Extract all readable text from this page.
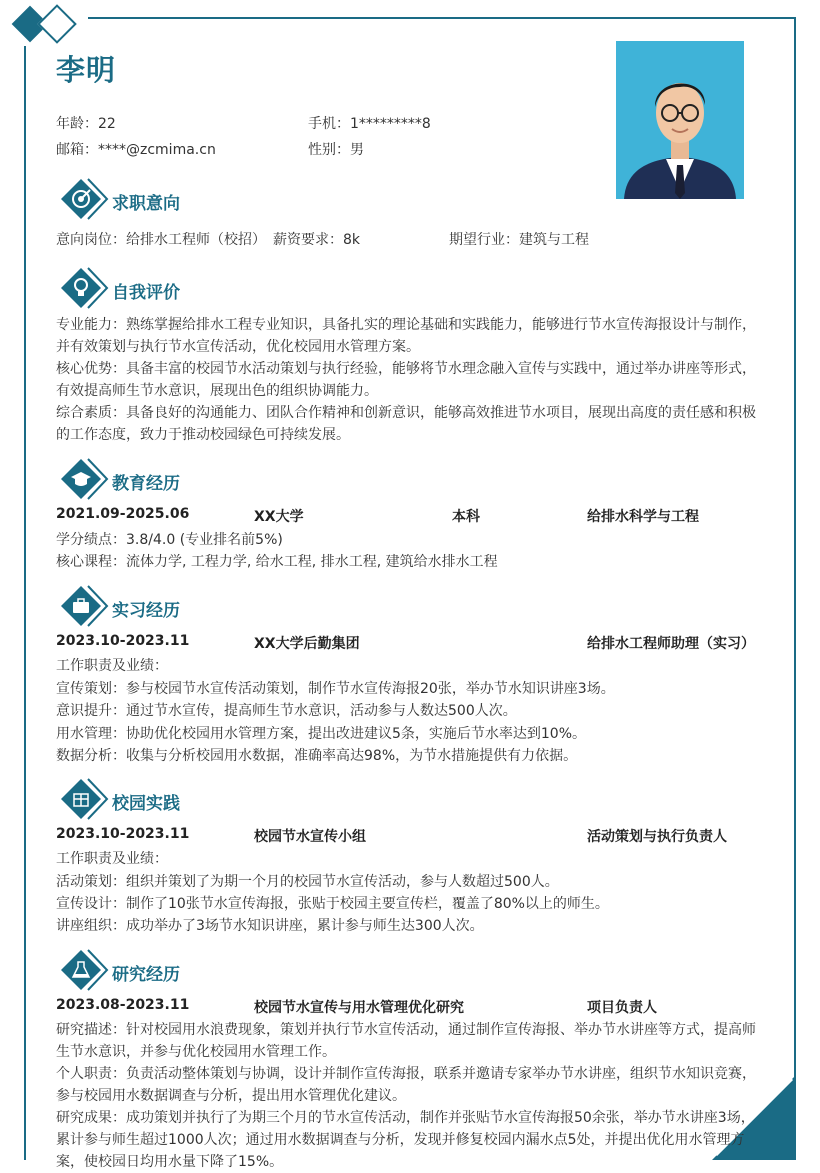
李明
年龄：22	手机：1*********8
邮箱：****@zcmima.cn	性别：男
求职意向
意向岗位：给排水工程师（校招） 薪资要求：8k	期望行业：建筑与工程
自我评价
专业能力：熟练掌握给排水工程专业知识，具备扎实的理论基础和实践能力，能够进行节水宣传海报设计与制作，并有效策划与执行节水宣传活动，优化校园用水管理方案。
核心优势：具备丰富的校园节水活动策划与执行经验，能够将节水理念融入宣传与实践中，通过举办讲座等形式，有效提高师生节水意识，展现出色的组织协调能力。
综合素质：具备良好的沟通能力、团队合作精神和创新意识，能够高效推进节水项目，展现出高度的责任感和积极的工作态度，致力于推动校园绿色可持续发展。
教育经历
2021.09-2025.06	XX大学	本科	给排水科学与工程
学分绩点：3.8/4.0 (专业排名前5%)
核心课程：流体力学, 工程力学, 给水工程, 排水工程, 建筑给水排水工程
实习经历
2023.10-2023.11	XX大学后勤集团	给排水工程师助理（实习）
工作职责及业绩：
宣传策划：参与校园节水宣传活动策划，制作节水宣传海报20张，举办节水知识讲座3场。
意识提升：通过节水宣传，提高师生节水意识，活动参与人数达500人次。
用水管理：协助优化校园用水管理方案，提出改进建议5条，实施后节水率达到10%。
数据分析：收集与分析校园用水数据，准确率高达98%，为节水措施提供有力依据。
校园实践
2023.10-2023.11	校园节水宣传小组	活动策划与执行负责人
工作职责及业绩：
活动策划：组织并策划了为期一个月的校园节水宣传活动，参与人数超过500人。
宣传设计：制作了10张节水宣传海报，张贴于校园主要宣传栏，覆盖了80%以上的师生。
讲座组织：成功举办了3场节水知识讲座，累计参与师生达300人次。
研究经历
2023.08-2023.11	校园节水宣传与用水管理优化研究	项目负责人
研究描述：针对校园用水浪费现象，策划并执行节水宣传活动，通过制作宣传海报、举办节水讲座等方式，提高师生节水意识，并参与优化校园用水管理工作。
个人职责：负责活动整体策划与协调，设计并制作宣传海报，联系并邀请专家举办节水讲座，组织节水知识竞赛，参与校园用水数据调查与分析，提出用水管理优化建议。
研究成果：成功策划并执行了为期三个月的节水宣传活动，制作并张贴节水宣传海报50余张，举办节水讲座3场，累计参与师生超过1000人次；通过用水数据调查与分析，发现并修复校园内漏水点5处，并提出优化用水管理方案，使校园日均用水量下降了15%。
